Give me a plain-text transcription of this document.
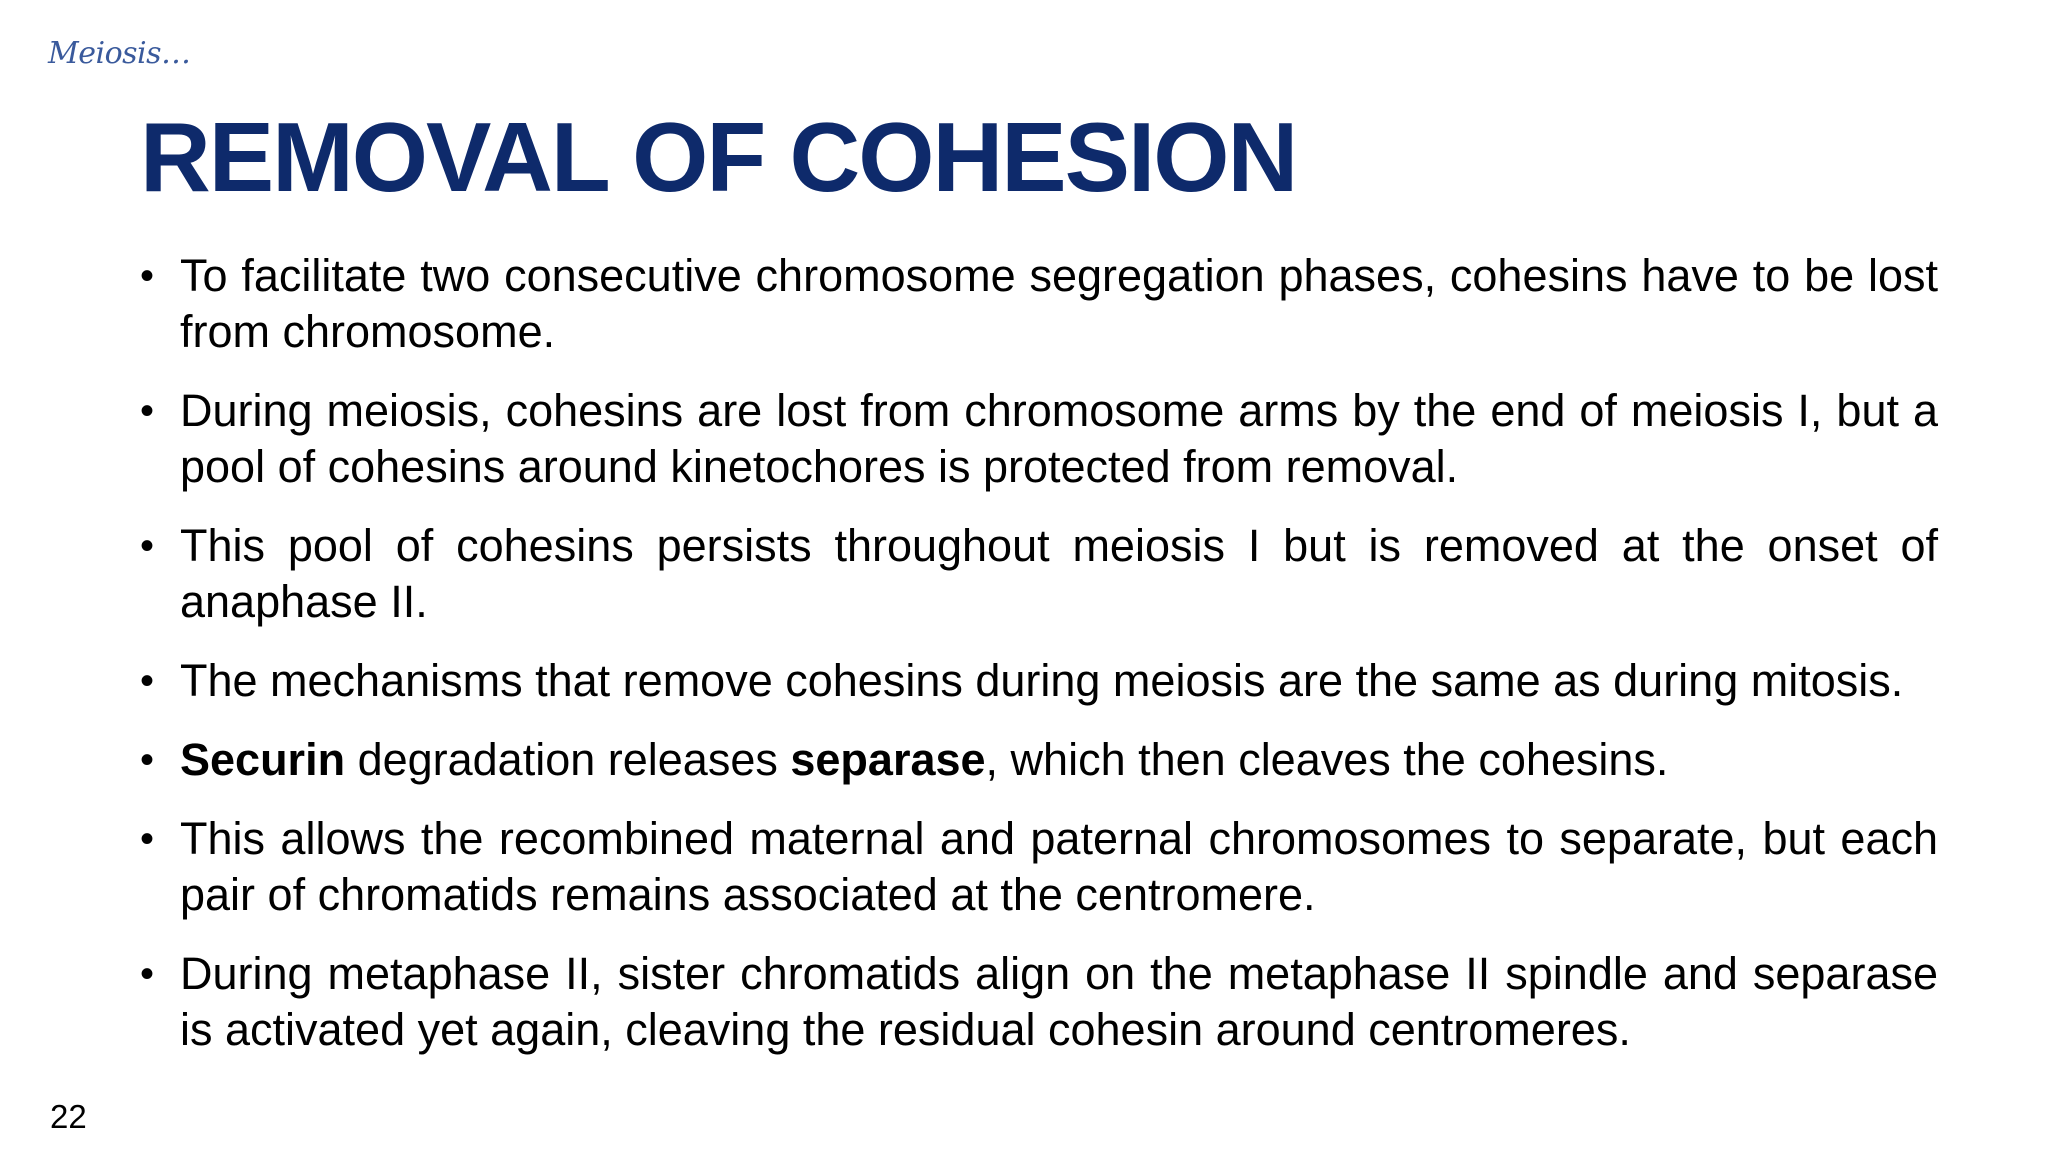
Meiosis…
REMOVAL OF COHESION
• To facilitate two consecutive chromosome segregation phases, cohesins have to be lost from chromosome.
• During meiosis, cohesins are lost from chromosome arms by the end of meiosis I, but a pool of cohesins around kinetochores is protected from removal.
• This pool of cohesins persists throughout meiosis I but is removed at the onset of anaphase II.
• The mechanisms that remove cohesins during meiosis are the same as during mitosis.
• Securin degradation releases separase, which then cleaves the cohesins.
• This allows the recombined maternal and paternal chromosomes to separate, but each pair of chromatids remains associated at the centromere.
• During metaphase II, sister chromatids align on the metaphase II spindle and separase is activated yet again, cleaving the residual cohesin around centromeres.
22
